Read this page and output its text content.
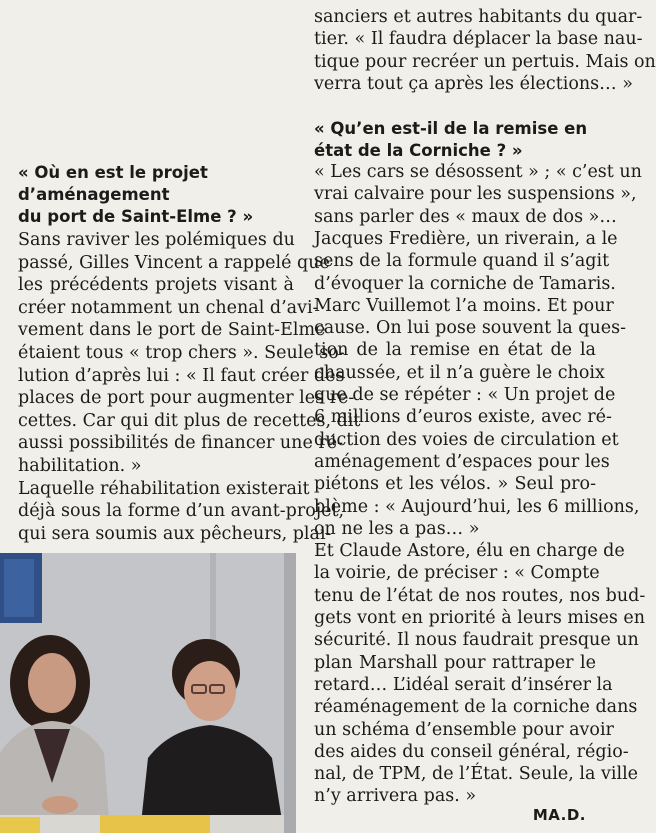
« Où en est le projet
d’aménagement
du port de Saint-Elme ? »
Sans raviver les polémiques du
passé, Gilles Vincent a rappelé que
les précédents projets visant à
créer notamment un chenal d’avi-
vement dans le port de Saint-Elme
étaient tous « trop chers ». Seule so-
lution d’après lui : « Il faut créer des
places de port pour augmenter les re-
cettes. Car qui dit plus de recettes, dit
aussi possibilités de financer une ré-
habilitation. »
Laquelle réhabilitation existerait
déjà sous la forme d’un avant-projet,
qui sera soumis aux pêcheurs, plai-
sanciers et autres habitants du quar-
tier. « Il faudra déplacer la base nau-
tique pour recréer un pertuis. Mais on
verra tout ça après les élections… »
« Qu’en est-il de la remise en
état de la Corniche ? »
« Les cars se désossent » ; « c’est un
vrai calvaire pour les suspensions »,
sans parler des « maux de dos »…
Jacques Fredière, un riverain, a le
sens de la formule quand il s’agit
d’évoquer la corniche de Tamaris.
Marc Vuillemot l’a moins. Et pour
cause. On lui pose souvent la ques-
tion de la remise en état de la
chaussée, et il n’a guère le choix
que de se répéter : « Un projet de
6 millions d’euros existe, avec ré-
duction des voies de circulation et
aménagement d’espaces pour les
piétons et les vélos. » Seul pro-
blème : « Aujourd’hui, les 6 millions,
on ne les a pas… »
Et Claude Astore, élu en charge de
la voirie, de préciser : « Compte
tenu de l’état de nos routes, nos bud-
gets vont en priorité à leurs mises en
sécurité. Il nous faudrait presque un
plan Marshall pour rattraper le
retard… L’idéal serait d’insérer la
réaménagement de la corniche dans
un schéma d’ensemble pour avoir
des aides du conseil général, régio-
nal, de TPM, de l’État. Seule, la ville
n’y arrivera pas. »
MA.D.
